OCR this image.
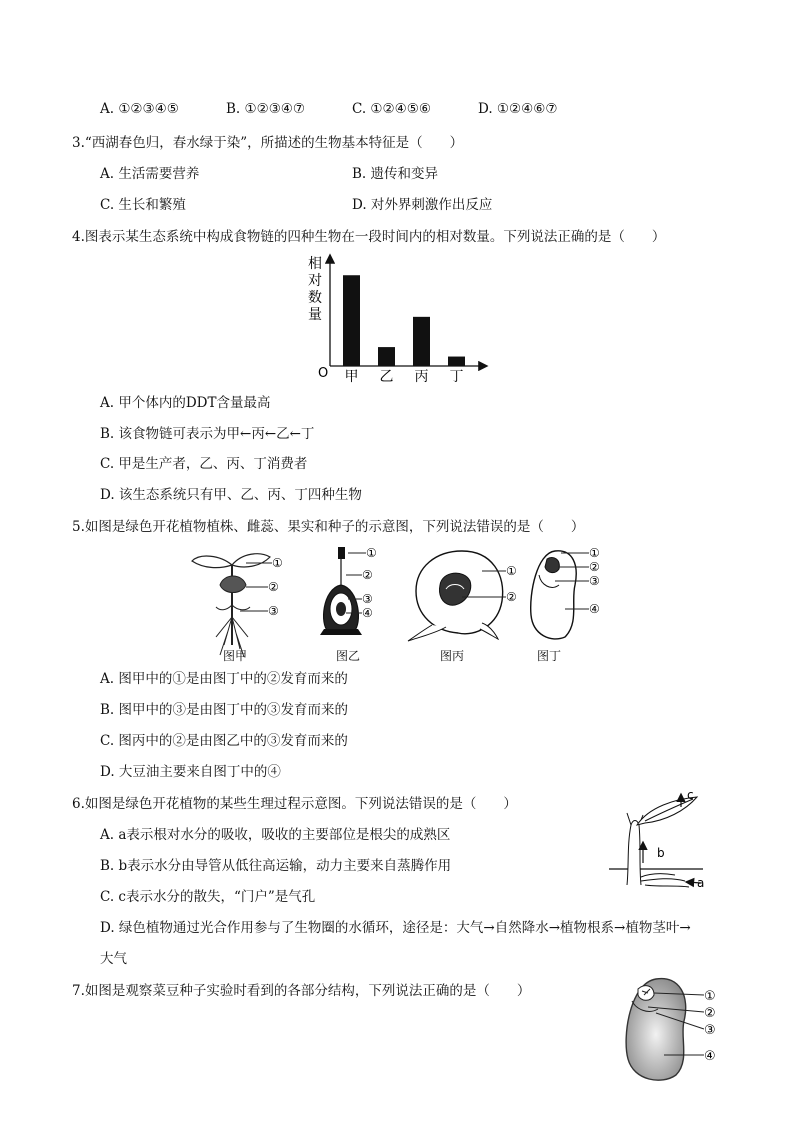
A. ①②③④⑤	B. ①②③④⑦	C. ①②④⑤⑥	D. ①②④⑥⑦
3.“西湖春色归，春水绿于染”，所描述的生物基本特征是（　　）
A. 生活需要营养	B. 遗传和变异
C. 生长和繁殖	D. 对外界刺激作出反应
4.图表示某生态系统中构成食物链的四种生物在一段时间内的相对数量。下列说法正确的是（　　）
相
对
数
量
O 甲 乙 丙 丁
A. 甲个体内的DDT含量最高
B. 该食物链可表示为甲←丙←乙←丁
C. 甲是生产者，乙、丙、丁消费者
D. 该生态系统只有甲、乙、丙、丁四种生物
5.如图是绿色开花植物植株、雌蕊、果实和种子的示意图，下列说法错误的是（　　）
①
②
③
图甲
①
②
③
④
图乙
①
②
图丙
①
②
③
④
图丁
A. 图甲中的①是由图丁中的②发育而来的
B. 图甲中的③是由图丁中的③发育而来的
C. 图丙中的②是由图乙中的③发育而来的
D. 大豆油主要来自图丁中的④
6.如图是绿色开花植物的某些生理过程示意图。下列说法错误的是（　　）
b
c
a
A. a表示根对水分的吸收，吸收的主要部位是根尖的成熟区
B. b表示水分由导管从低往高运输，动力主要来自蒸腾作用
C. c表示水分的散失，“门户”是气孔
D. 绿色植物通过光合作用参与了生物圈的水循环，途径是：大气→自然降水→植物根系→植物茎叶→
大气
7.如图是观察菜豆种子实验时看到的各部分结构，下列说法正确的是（　　）	①
②
③
④
